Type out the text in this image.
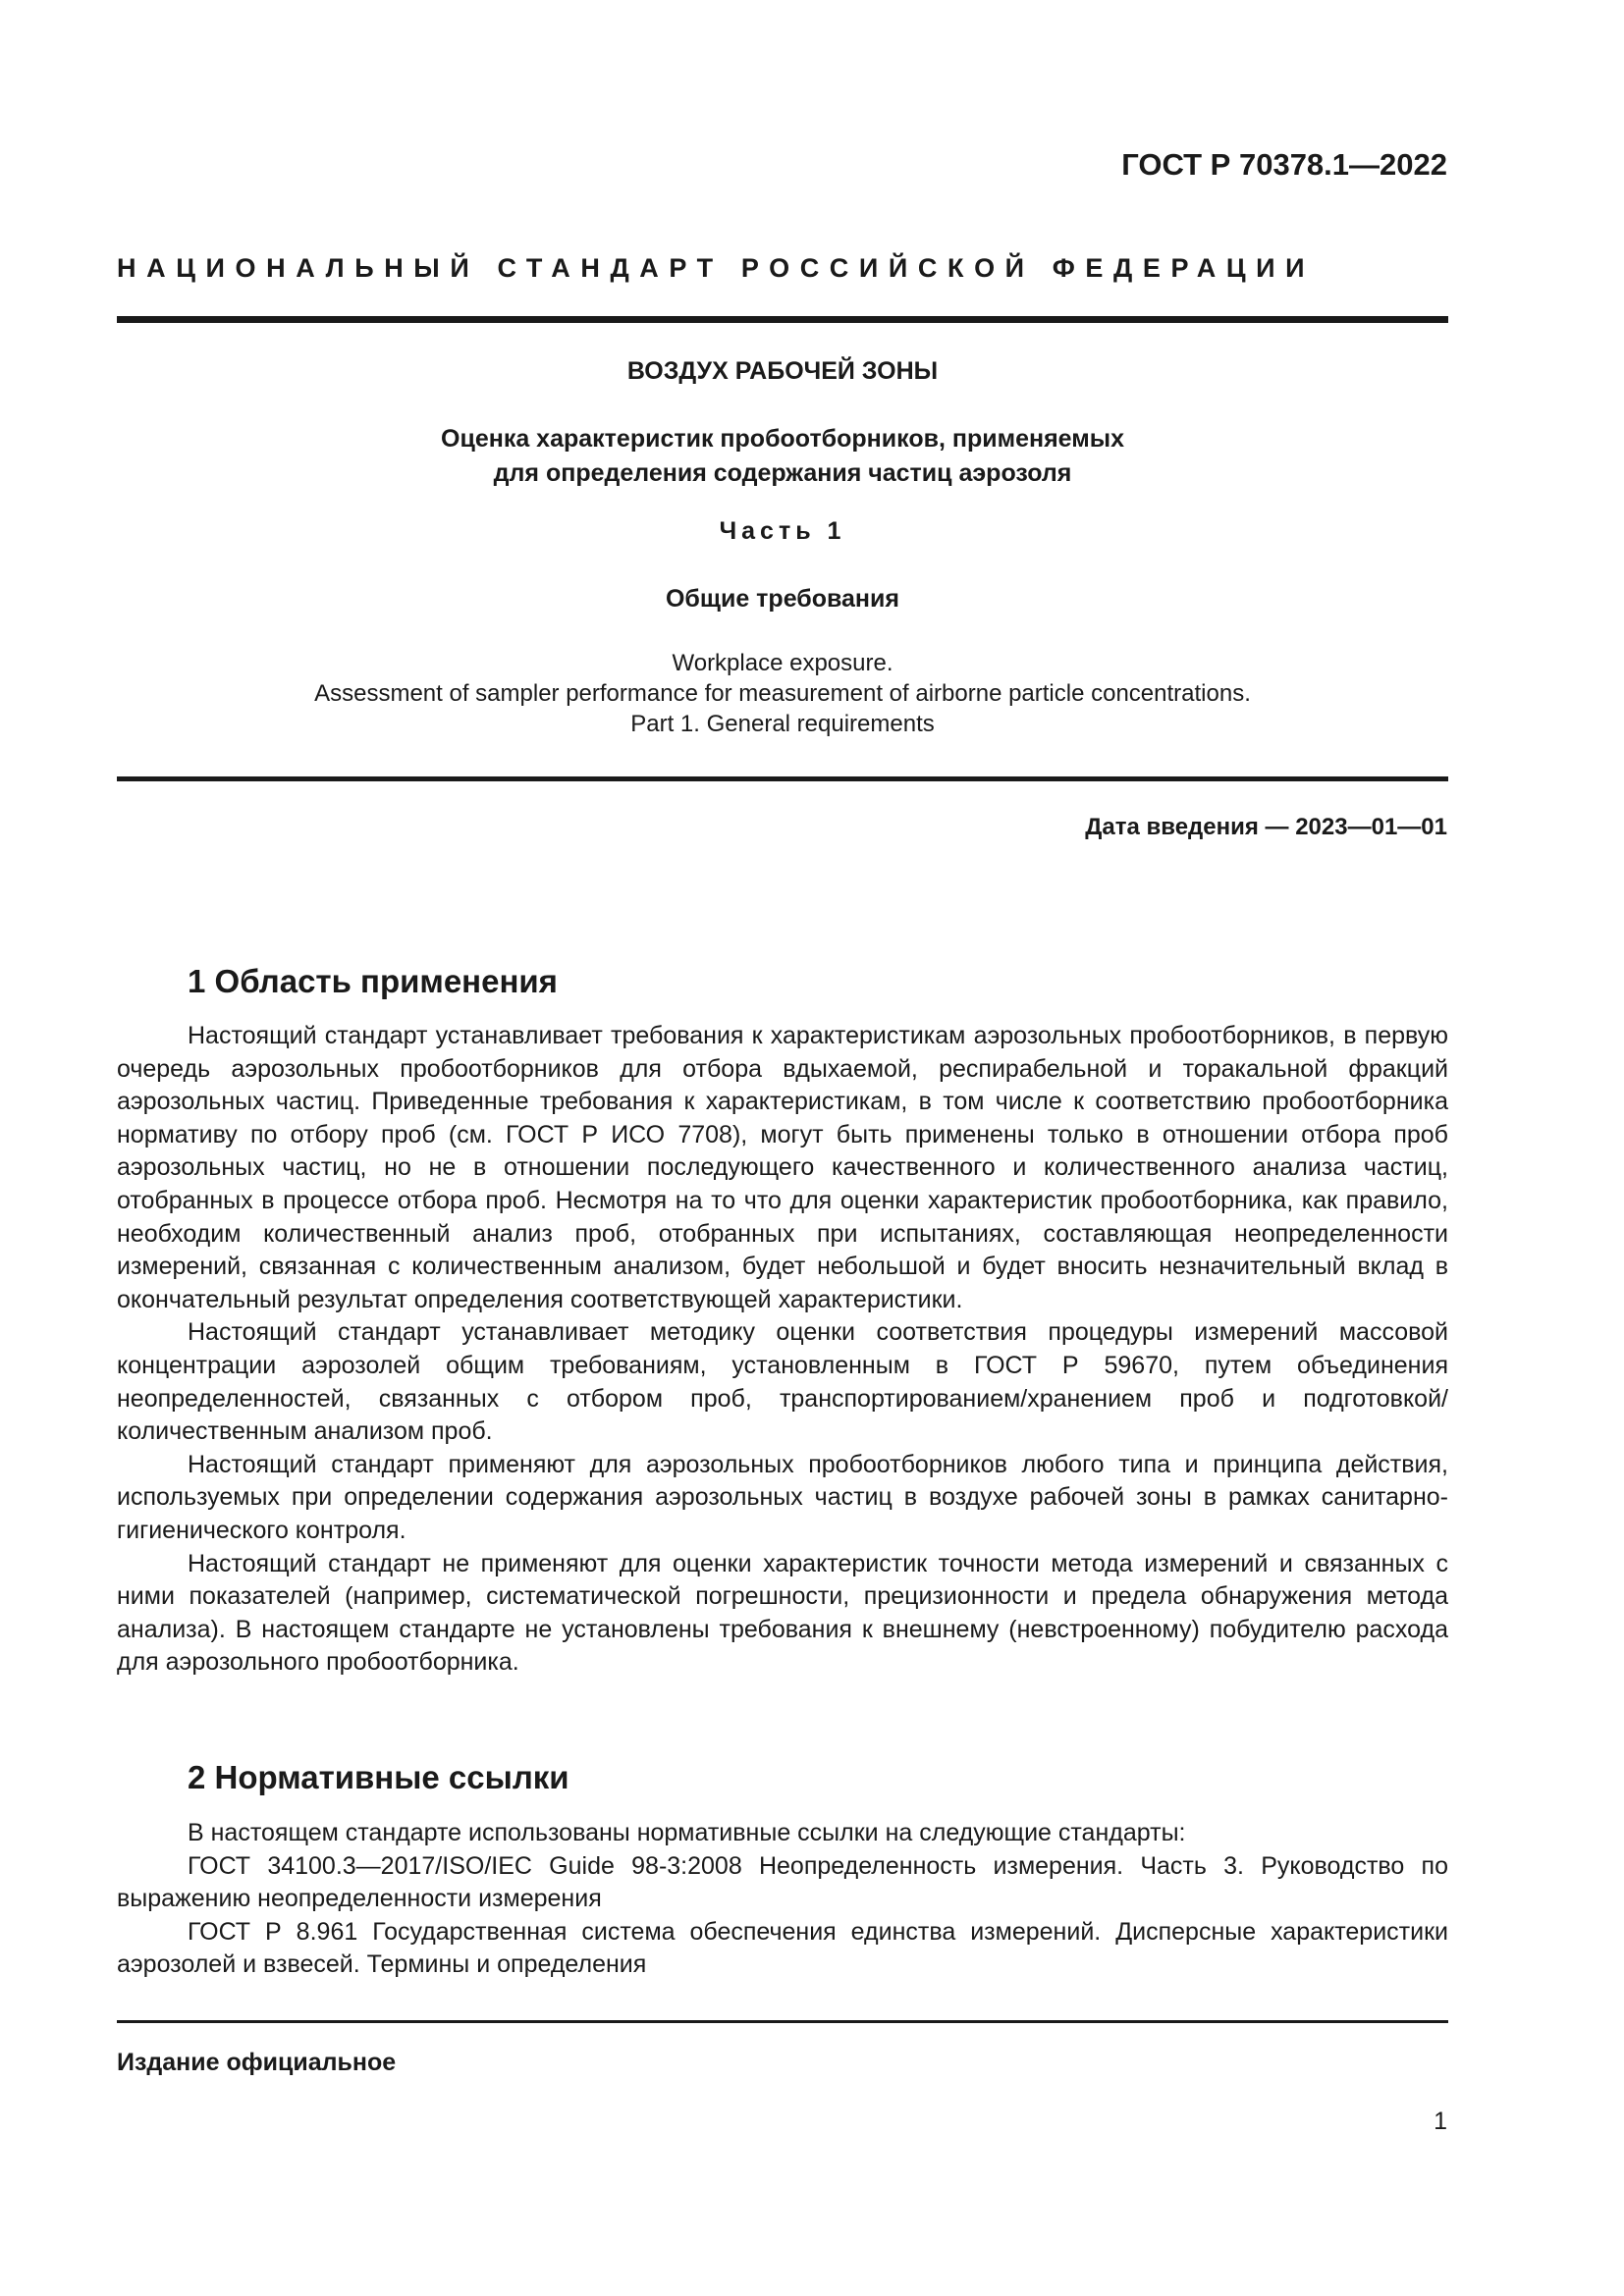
ГОСТ Р 70378.1—2022
НАЦИОНАЛЬНЫЙ СТАНДАРТ РОССИЙСКОЙ ФЕДЕРАЦИИ
ВОЗДУХ РАБОЧЕЙ ЗОНЫ
Оценка характеристик пробоотборников, применяемых
для определения содержания частиц аэрозоля
Часть 1
Общие требования
Workplace exposure.
Assessment of sampler performance for measurement of airborne particle concentrations.
Part 1. General requirements
Дата введения — 2023—01—01
1 Область применения

Настоящий стандарт устанавливает требования к характеристикам аэрозольных пробоотборников, в первую очередь аэрозольных пробоотборников для отбора вдыхаемой, респирабельной и торакальной фракций аэрозольных частиц. Приведенные требования к характеристикам, в том числе к соответствию пробоотборника нормативу по отбору проб (см. ГОСТ Р ИСО 7708), могут быть применены только в отношении отбора проб аэрозольных частиц, но не в отношении последующего качественного и количественного анализа частиц, отобранных в процессе отбора проб. Несмотря на то что для оценки характеристик пробоотборника, как правило, необходим количественный анализ проб, отобранных при испытаниях, составляющая неопределенности измерений, связанная с количественным анализом, будет небольшой и будет вносить незначительный вклад в окончательный результат определения соответствующей характеристики.

Настоящий стандарт устанавливает методику оценки соответствия процедуры измерений массовой концентрации аэрозолей общим требованиям, установленным в ГОСТ Р 59670, путем объединения неопределенностей, связанных с отбором проб, транспортированием/хранением проб и подготовкой/количественным анализом проб.

Настоящий стандарт применяют для аэрозольных пробоотборников любого типа и принципа действия, используемых при определении содержания аэрозольных частиц в воздухе рабочей зоны в рамках санитарно-гигиенического контроля.

Настоящий стандарт не применяют для оценки характеристик точности метода измерений и связанных с ними показателей (например, систематической погрешности, прецизионности и предела обнаружения метода анализа). В настоящем стандарте не установлены требования к внешнему (невстроенному) побудителю расхода для аэрозольного пробоотборника.

2 Нормативные ссылки

В настоящем стандарте использованы нормативные ссылки на следующие стандарты:

ГОСТ 34100.3—2017/ISO/IEC Guide 98-3:2008 Неопределенность измерения. Часть 3. Руководство по выражению неопределенности измерения

ГОСТ Р 8.961 Государственная система обеспечения единства измерений. Дисперсные характеристики аэрозолей и взвесей. Термины и определения

Издание официальное
1
